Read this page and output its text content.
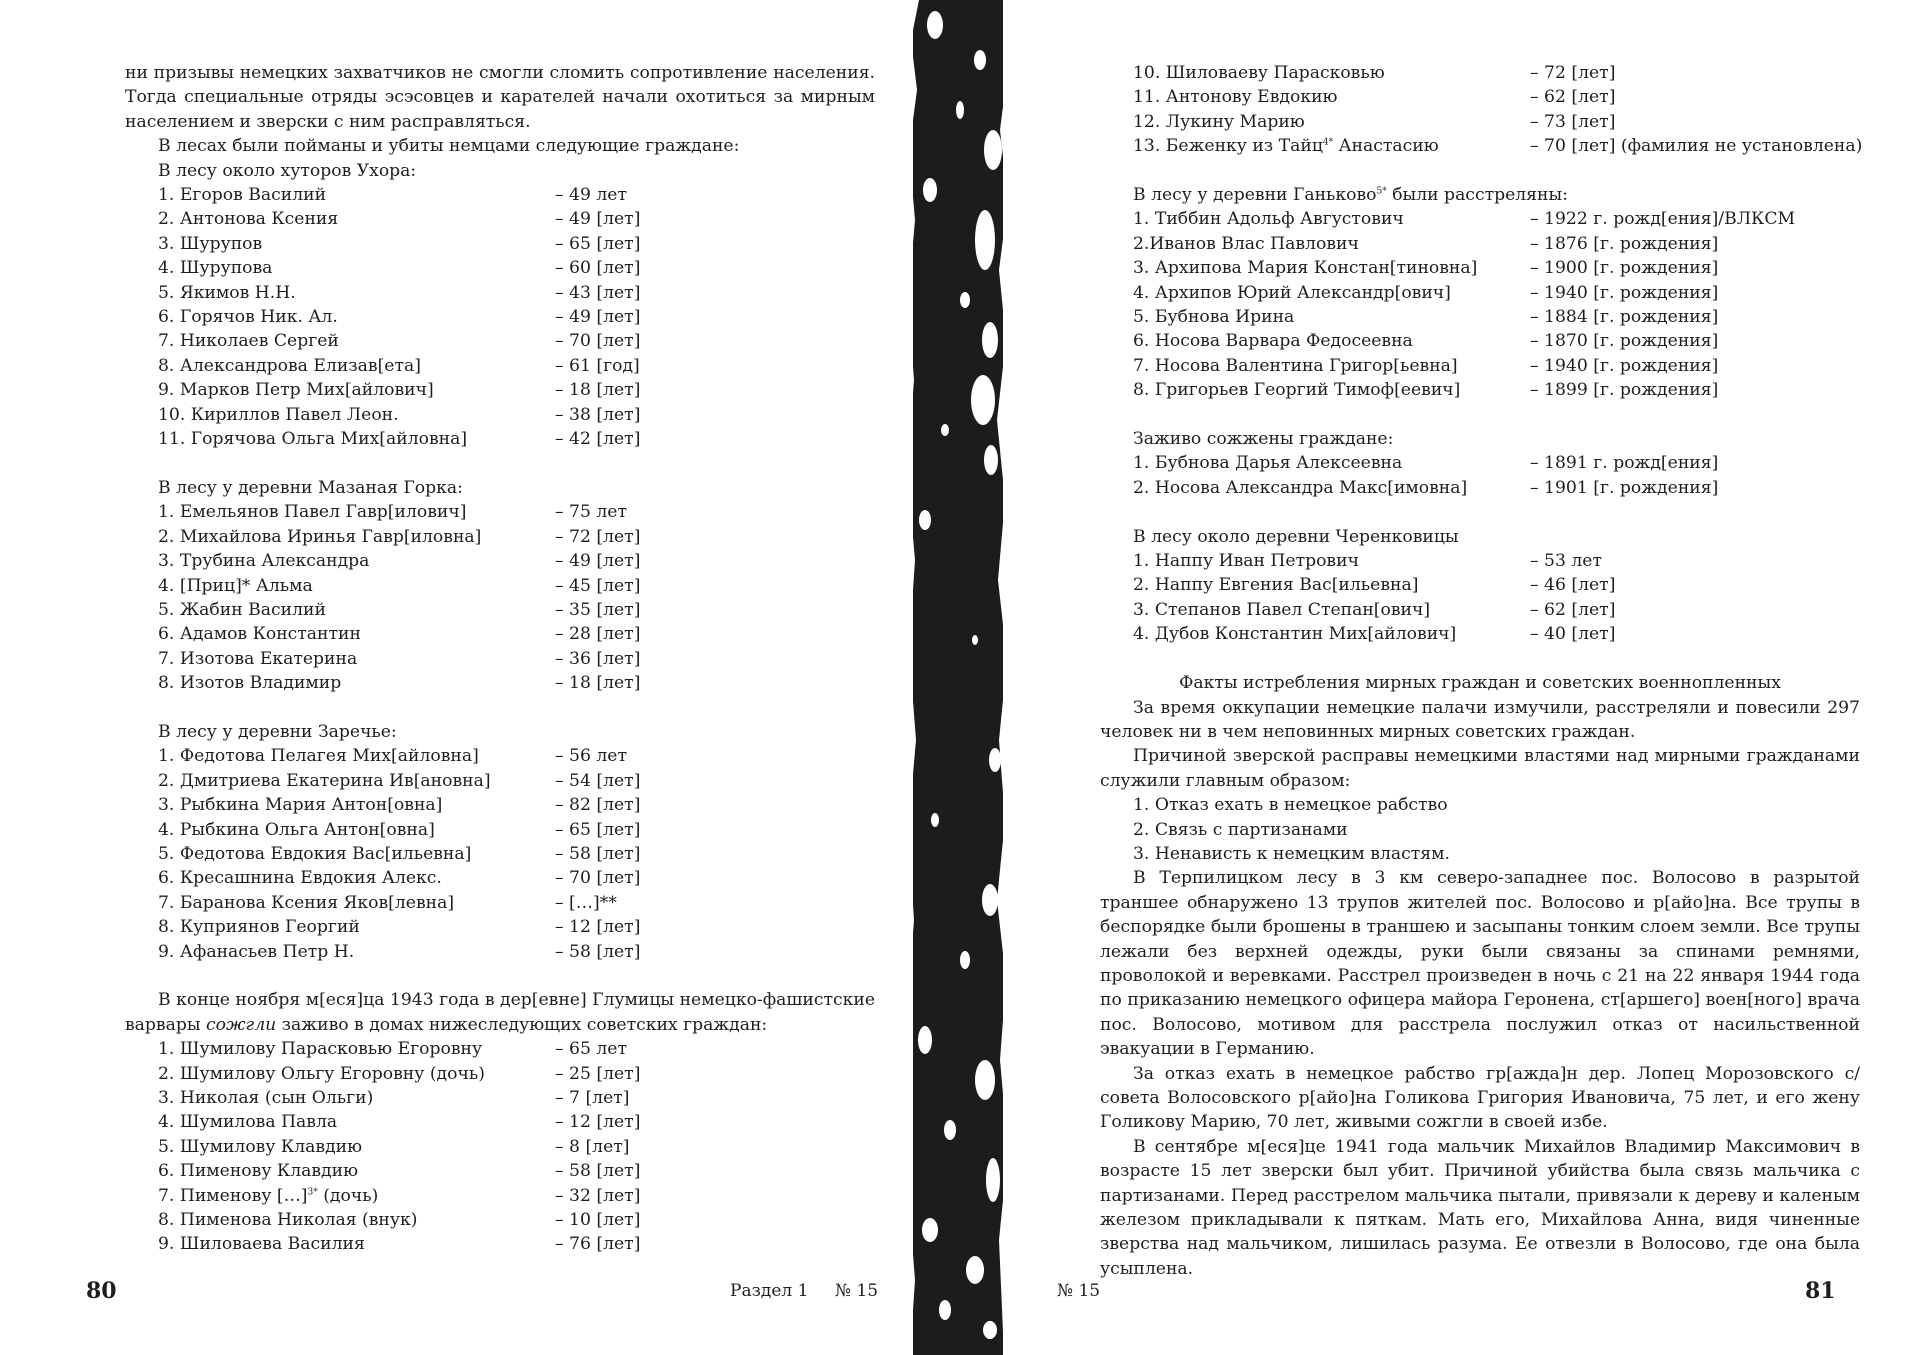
ни призывы немецких захватчиков не смогли сломить сопротивление населения. Тогда специальные отряды эсэсовцев и карателей начали охотиться за мирным населением и зверски с ним расправляться.

В лесах были пойманы и убиты немцами следующие граждане:

В лесу около хуторов Ухора:

1. Егоров Василий	– 49 лет
2. Антонова Ксения	– 49 [лет]
3. Шурупов	– 65 [лет]
4. Шурупова	– 60 [лет]
5. Якимов Н.Н.	– 43 [лет]
6. Горячов Ник. Ал.	– 49 [лет]
7. Николаев Сергей	– 70 [лет]
8. Александрова Елизав[ета]	– 61 [год]
9. Марков Петр Мих[айлович]	– 18 [лет]
10. Кириллов Павел Леон.	– 38 [лет]
11. Горячова Ольга Мих[айловна]	– 42 [лет]

В лесу у деревни Мазаная Горка:

1. Емельянов Павел Гавр[илович]	– 75 лет
2. Михайлова Иринья Гавр[иловна]	– 72 [лет]
3. Трубина Александра	– 49 [лет]
4. [Приц]* Альма	– 45 [лет]
5. Жабин Василий	– 35 [лет]
6. Адамов Константин	– 28 [лет]
7. Изотова Екатерина	– 36 [лет]
8. Изотов Владимир	– 18 [лет]

В лесу у деревни Заречье:

1. Федотова Пелагея Мих[айловна]	– 56 лет
2. Дмитриева Екатерина Ив[ановна]	– 54 [лет]
3. Рыбкина Мария Антон[овна]	– 82 [лет]
4. Рыбкина Ольга Антон[овна]	– 65 [лет]
5. Федотова Евдокия Вас[ильевна]	– 58 [лет]
6. Кресашнина Евдокия Алекс.	– 70 [лет]
7. Баранова Ксения Яков[левна]	– […]**
8. Куприянов Георгий	– 12 [лет]
9. Афанасьев Петр Н.	– 58 [лет]

В конце ноября м[еся]ца 1943 года в дер[евне] Глумицы немецко-фашистские варвары сожгли заживо в домах нижеследующих советских граждан:

1. Шумилову Парасковью Егоровну	– 65 лет
2. Шумилову Ольгу Егоровну (дочь)	– 25 [лет]
3. Николая (сын Ольги)	– 7 [лет]
4. Шумилова Павла	– 12 [лет]
5. Шумилову Клавдию	– 8 [лет]
6. Пименову Клавдию	– 58 [лет]
7. Пименову […]$^{3*}$ (дочь)	– 32 [лет]
8. Пименова Николая (внук)	– 10 [лет]
9. Шиловаева Василия	– 76 [лет]
80	Раздел 1 № 15
10. Шиловаеву Парасковью	– 72 [лет]
11. Антонову Евдокию	– 62 [лет]
12. Лукину Марию	– 73 [лет]
13. Беженку из Тайц$^{4*}$ Анастасию	– 70 [лет] (фамилия не установлена)

В лесу у деревни Ганьково$^{5*}$ были расстреляны:

1. Тиббин Адольф Августович	– 1922 г. рожд[ения]/ВЛКСМ
2.Иванов Влас Павлович	– 1876 [г. рождения]
3. Архипова Мария Констан[тиновна]	– 1900 [г. рождения]
4. Архипов Юрий Александр[ович]	– 1940 [г. рождения]
5. Бубнова Ирина	– 1884 [г. рождения]
6. Носова Варвара Федосеевна	– 1870 [г. рождения]
7. Носова Валентина Григор[ьевна]	– 1940 [г. рождения]
8. Григорьев Георгий Тимоф[еевич]	– 1899 [г. рождения]

Заживо сожжены граждане:

1. Бубнова Дарья Алексеевна	– 1891 г. рожд[ения]
2. Носова Александра Макс[имовна]	– 1901 [г. рождения]

В лесу около деревни Черенковицы

1. Наппу Иван Петрович	– 53 лет
2. Наппу Евгения Вас[ильевна]	– 46 [лет]
3. Степанов Павел Степан[ович]	– 62 [лет]
4. Дубов Константин Мих[айлович]	– 40 [лет]

Факты истребления мирных граждан и советских военнопленных

За время оккупации немецкие палачи измучили, расстреляли и повесили 297 человек ни в чем неповинных мирных советских граждан.

Причиной зверской расправы немецкими властями над мирными гражданами служили главным образом:

1. Отказ ехать в немецкое рабство

2. Связь с партизанами

3. Ненависть к немецким властям.

В Терпилицком лесу в 3 км северо-западнее пос. Волосово в разрытой траншее обнаружено 13 трупов жителей пос. Волосово и р[айо]на. Все трупы в беспорядке были брошены в траншею и засыпаны тонким слоем земли. Все трупы лежали без верхней одежды, руки были связаны за спинами ремнями, проволокой и веревками. Расстрел произведен в ночь с 21 на 22 января 1944 года по приказанию немецкого офицера майора Геронена, ст[аршего] воен[ного] врача пос. Волосово, мотивом для расстрела послужил отказ от насильственной эвакуации в Германию.

За отказ ехать в немецкое рабство гр[ажда]н дер. Лопец Морозовского с/совета Волосовского р[айо]на Голикова Григория Ивановича, 75 лет, и его жену Голикову Марию, 70 лет, живыми сожгли в своей избе.

В сентябре м[еся]це 1941 года мальчик Михайлов Владимир Максимович в возрасте 15 лет зверски был убит. Причиной убийства была связь мальчика с партизанами. Перед расстрелом мальчика пытали, привязали к дереву и каленым железом прикладывали к пяткам. Мать его, Михайлова Анна, видя чиненные зверства над мальчиком, лишилась разума. Ее отвезли в Волосово, где она была усыплена.

№ 15	81
